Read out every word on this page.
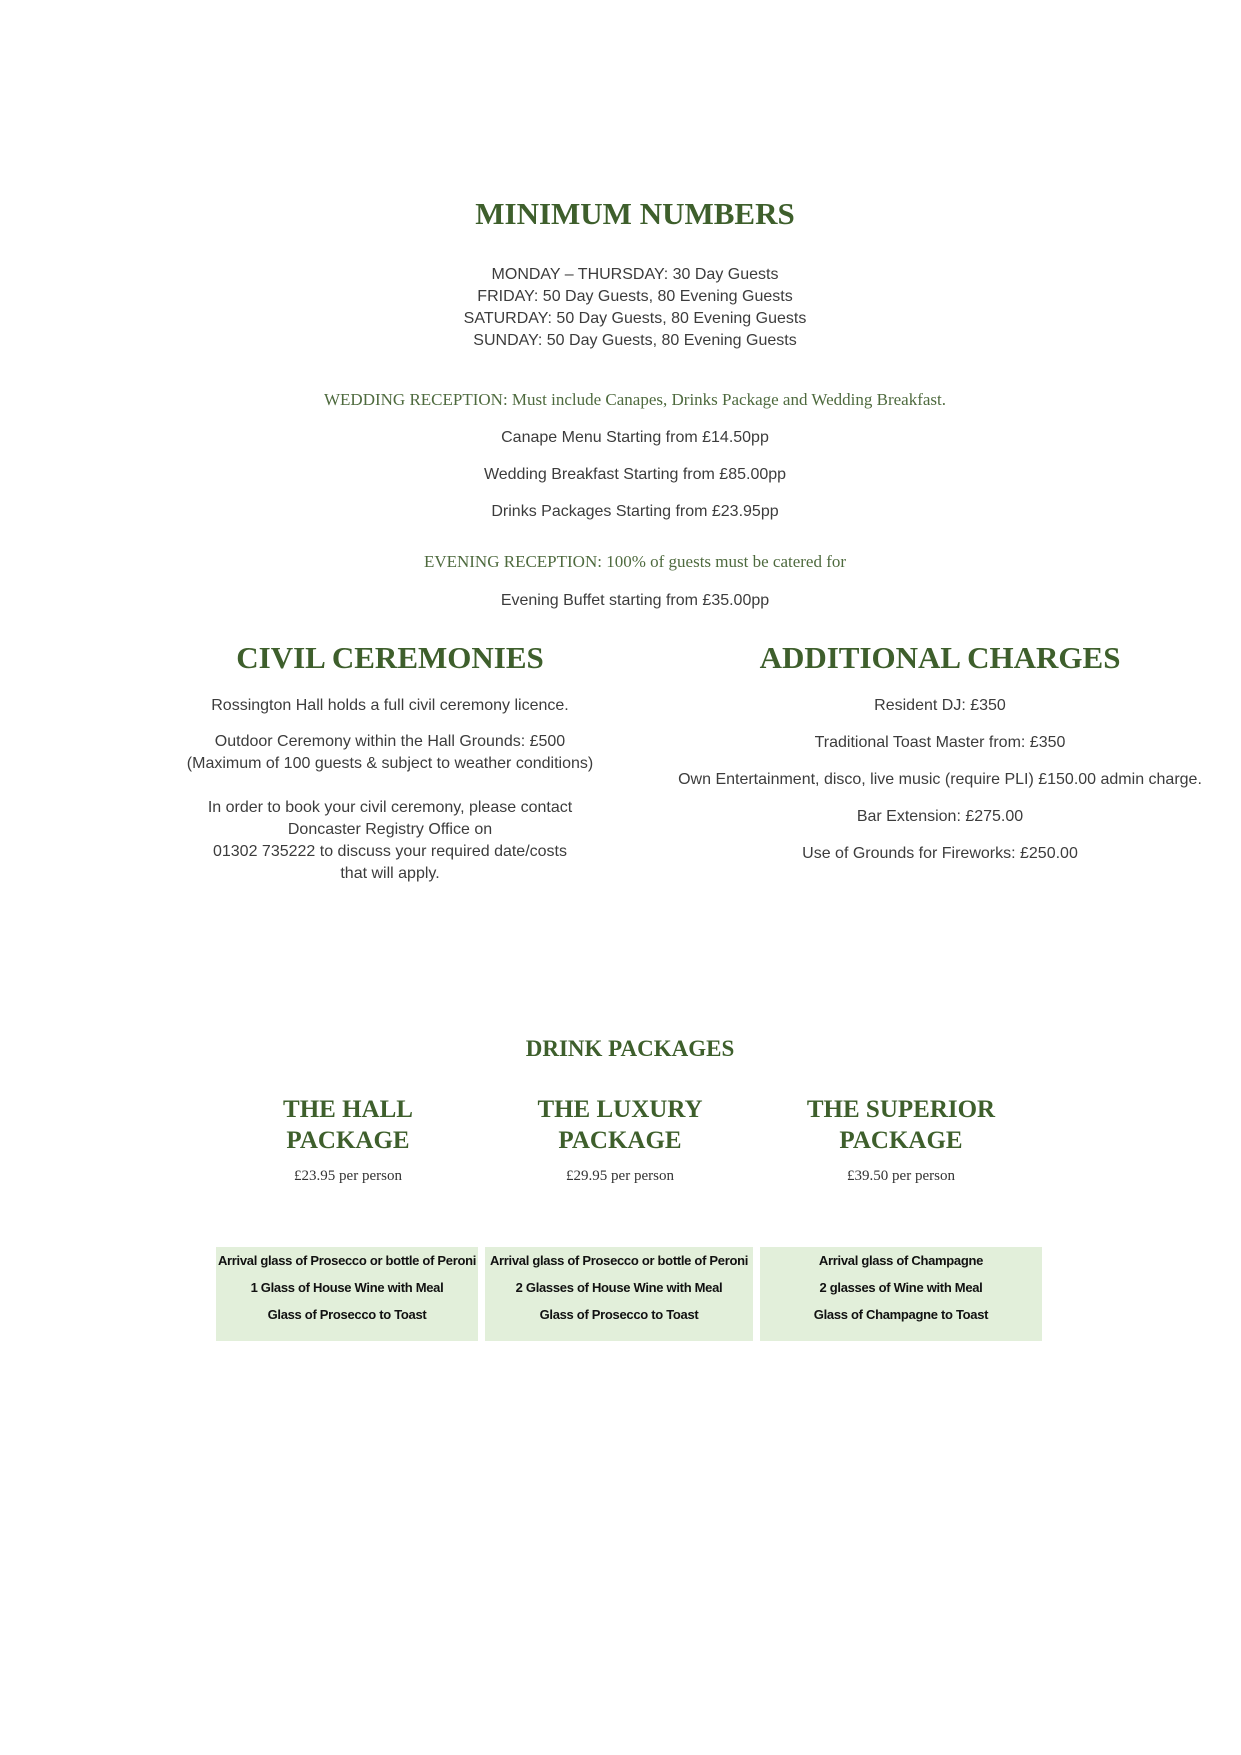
MINIMUM NUMBERS
MONDAY – THURSDAY: 30 Day Guests
FRIDAY: 50 Day Guests, 80 Evening Guests
SATURDAY: 50 Day Guests, 80 Evening Guests
SUNDAY: 50 Day Guests, 80 Evening Guests
WEDDING RECEPTION: Must include Canapes, Drinks Package and Wedding Breakfast.
Canape Menu Starting from £14.50pp
Wedding Breakfast Starting from £85.00pp
Drinks Packages Starting from £23.95pp
EVENING RECEPTION: 100% of guests must be catered for
Evening Buffet starting from £35.00pp
CIVIL CEREMONIES
Rossington Hall holds a full civil ceremony licence.
Outdoor Ceremony within the Hall Grounds: £500
(Maximum of 100 guests & subject to weather conditions)
In order to book your civil ceremony, please contact
Doncaster Registry Office on
01302 735222 to discuss your required date/costs
that will apply.
ADDITIONAL CHARGES
Resident DJ: £350
Traditional Toast Master from: £350
Own Entertainment, disco, live music (require PLI) £150.00 admin charge.
Bar Extension: £275.00
Use of Grounds for Fireworks: £250.00
DRINK PACKAGES
THE HALL
PACKAGE
£23.95 per person
THE LUXURY
PACKAGE
£29.95 per person
THE SUPERIOR
PACKAGE
£39.50 per person
Arrival glass of Prosecco or bottle of Peroni
1 Glass of House Wine with Meal
Glass of Prosecco to Toast
Arrival glass of Prosecco or bottle of Peroni
2 Glasses of House Wine with Meal
Glass of Prosecco to Toast
Arrival glass of Champagne
2 glasses of Wine with Meal
Glass of Champagne to Toast
